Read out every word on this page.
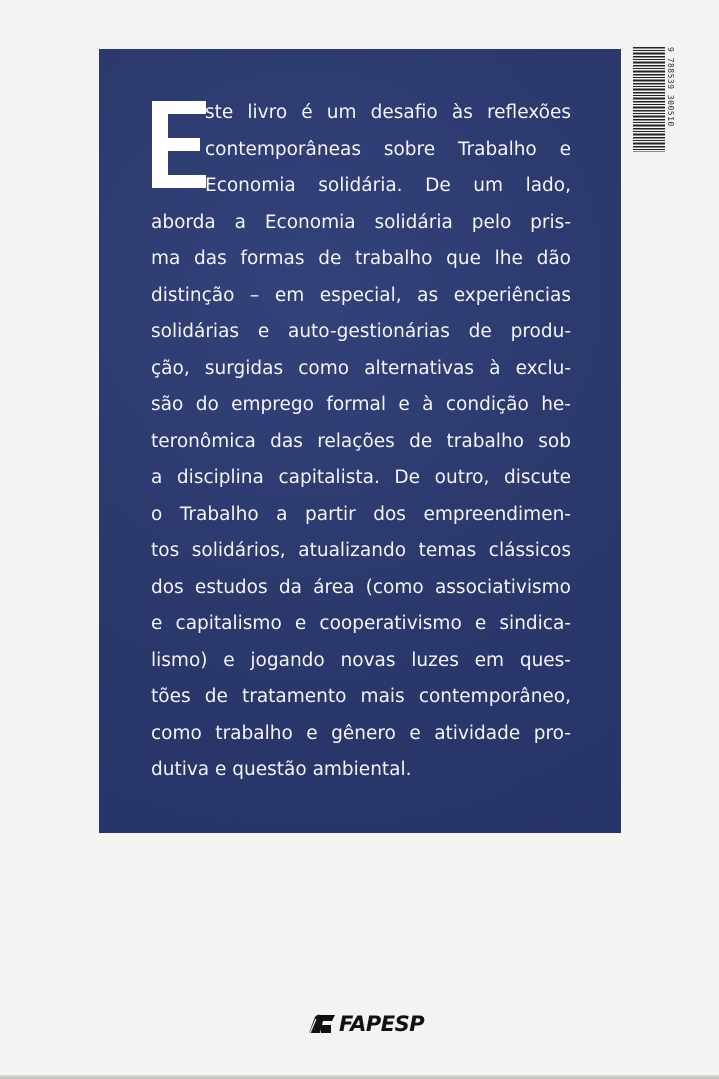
ste livro é um desafio às reflexões
contemporâneas sobre Trabalho e
Economia solidária. De um lado,
aborda a Economia solidária pelo pris-
ma das formas de trabalho que lhe dão
distinção – em especial, as experiências
solidárias e auto-gestionárias de produ-
ção, surgidas como alternativas à exclu-
são do emprego formal e à condição he-
teronômica das relações de trabalho sob
a disciplina capitalista. De outro, discute
o Trabalho a partir dos empreendimen-
tos solidários, atualizando temas clássicos
dos estudos da área (como associativismo
e capitalismo e cooperativismo e sindica-
lismo) e jogando novas luzes em ques-
tões de tratamento mais contemporâneo,
como trabalho e gênero e atividade pro-
dutiva e questão ambiental.
9 788539 300510
FAPESP
